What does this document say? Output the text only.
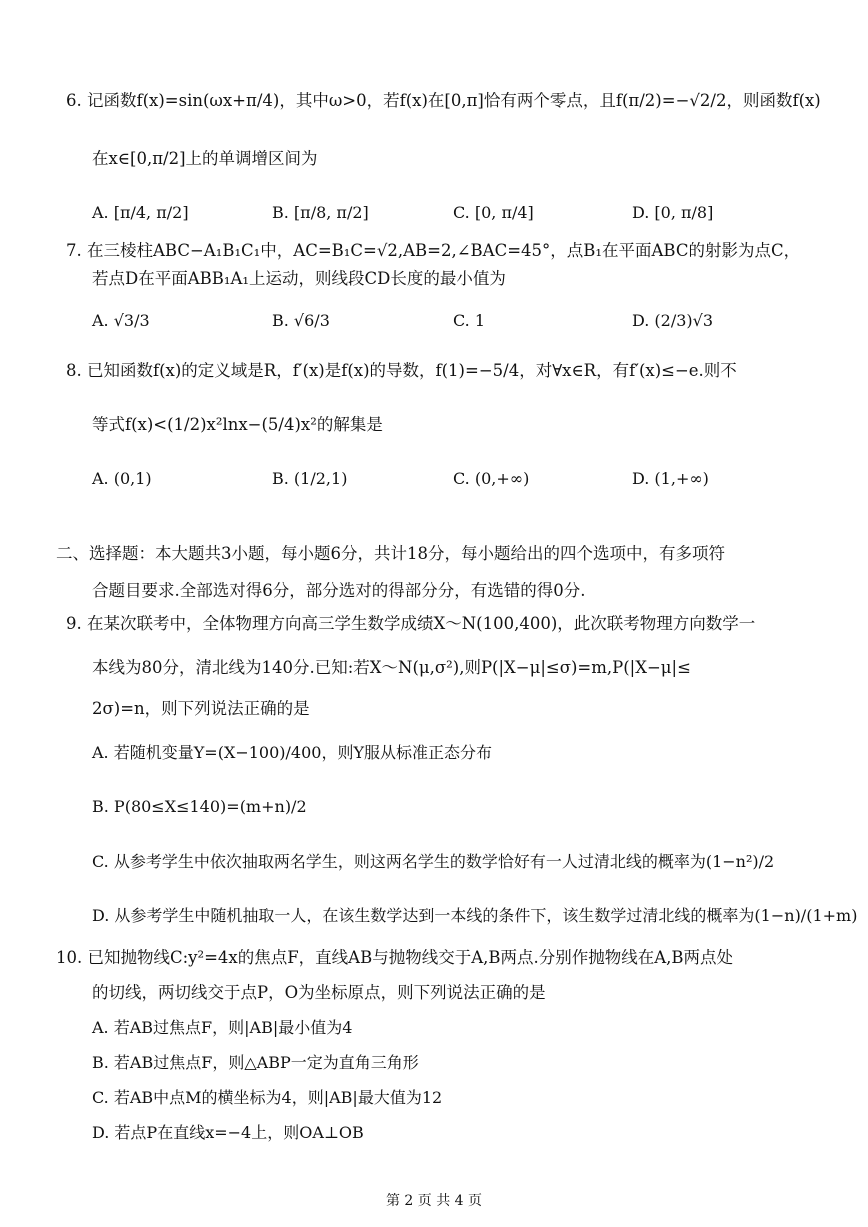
6. 记函数f(x)=sin(ωx+π/4)，其中ω>0，若f(x)在[0,π]恰有两个零点，且f(π/2)=−√2/2，则函数f(x)
在x∈[0,π/2]上的单调增区间为
A. [π/4, π/2]	B. [π/8, π/2]	C. [0, π/4]	D. [0, π/8]
7. 在三棱柱ABC−A₁B₁C₁中，AC=B₁C=√2,AB=2,∠BAC=45°，点B₁在平面ABC的射影为点C，
若点D在平面ABB₁A₁上运动，则线段CD长度的最小值为
A. √3/3	B. √6/3	C. 1	D. (2/3)√3
8. 已知函数f(x)的定义域是R，f′(x)是f(x)的导数，f(1)=−5/4，对∀x∈R，有f′(x)≤−e.则不
等式f(x)<(1/2)x²lnx−(5/4)x²的解集是
A. (0,1)	B. (1/2,1)	C. (0,+∞)	D. (1,+∞)
二、选择题：本大题共3小题，每小题6分，共计18分，每小题给出的四个选项中，有多项符
合题目要求.全部选对得6分，部分选对的得部分分，有选错的得0分.
9. 在某次联考中，全体物理方向高三学生数学成绩X～N(100,400)，此次联考物理方向数学一
本线为80分，清北线为140分.已知:若X～N(μ,σ²),则P(|X−μ|≤σ)=m,P(|X−μ|≤
2σ)=n，则下列说法正确的是
A. 若随机变量Y=(X−100)/400，则Y服从标准正态分布
B. P(80≤X≤140)=(m+n)/2
C. 从参考学生中依次抽取两名学生，则这两名学生的数学恰好有一人过清北线的概率为(1−n²)/2
D. 从参考学生中随机抽取一人，在该生数学达到一本线的条件下，该生数学过清北线的概率为(1−n)/(1+m)
10. 已知抛物线C:y²=4x的焦点F，直线AB与抛物线交于A,B两点.分别作抛物线在A,B两点处
的切线，两切线交于点P，O为坐标原点，则下列说法正确的是
A. 若AB过焦点F，则|AB|最小值为4
B. 若AB过焦点F，则△ABP一定为直角三角形
C. 若AB中点M的横坐标为4，则|AB|最大值为12
D. 若点P在直线x=−4上，则OA⊥OB
第 2 页 共 4 页
